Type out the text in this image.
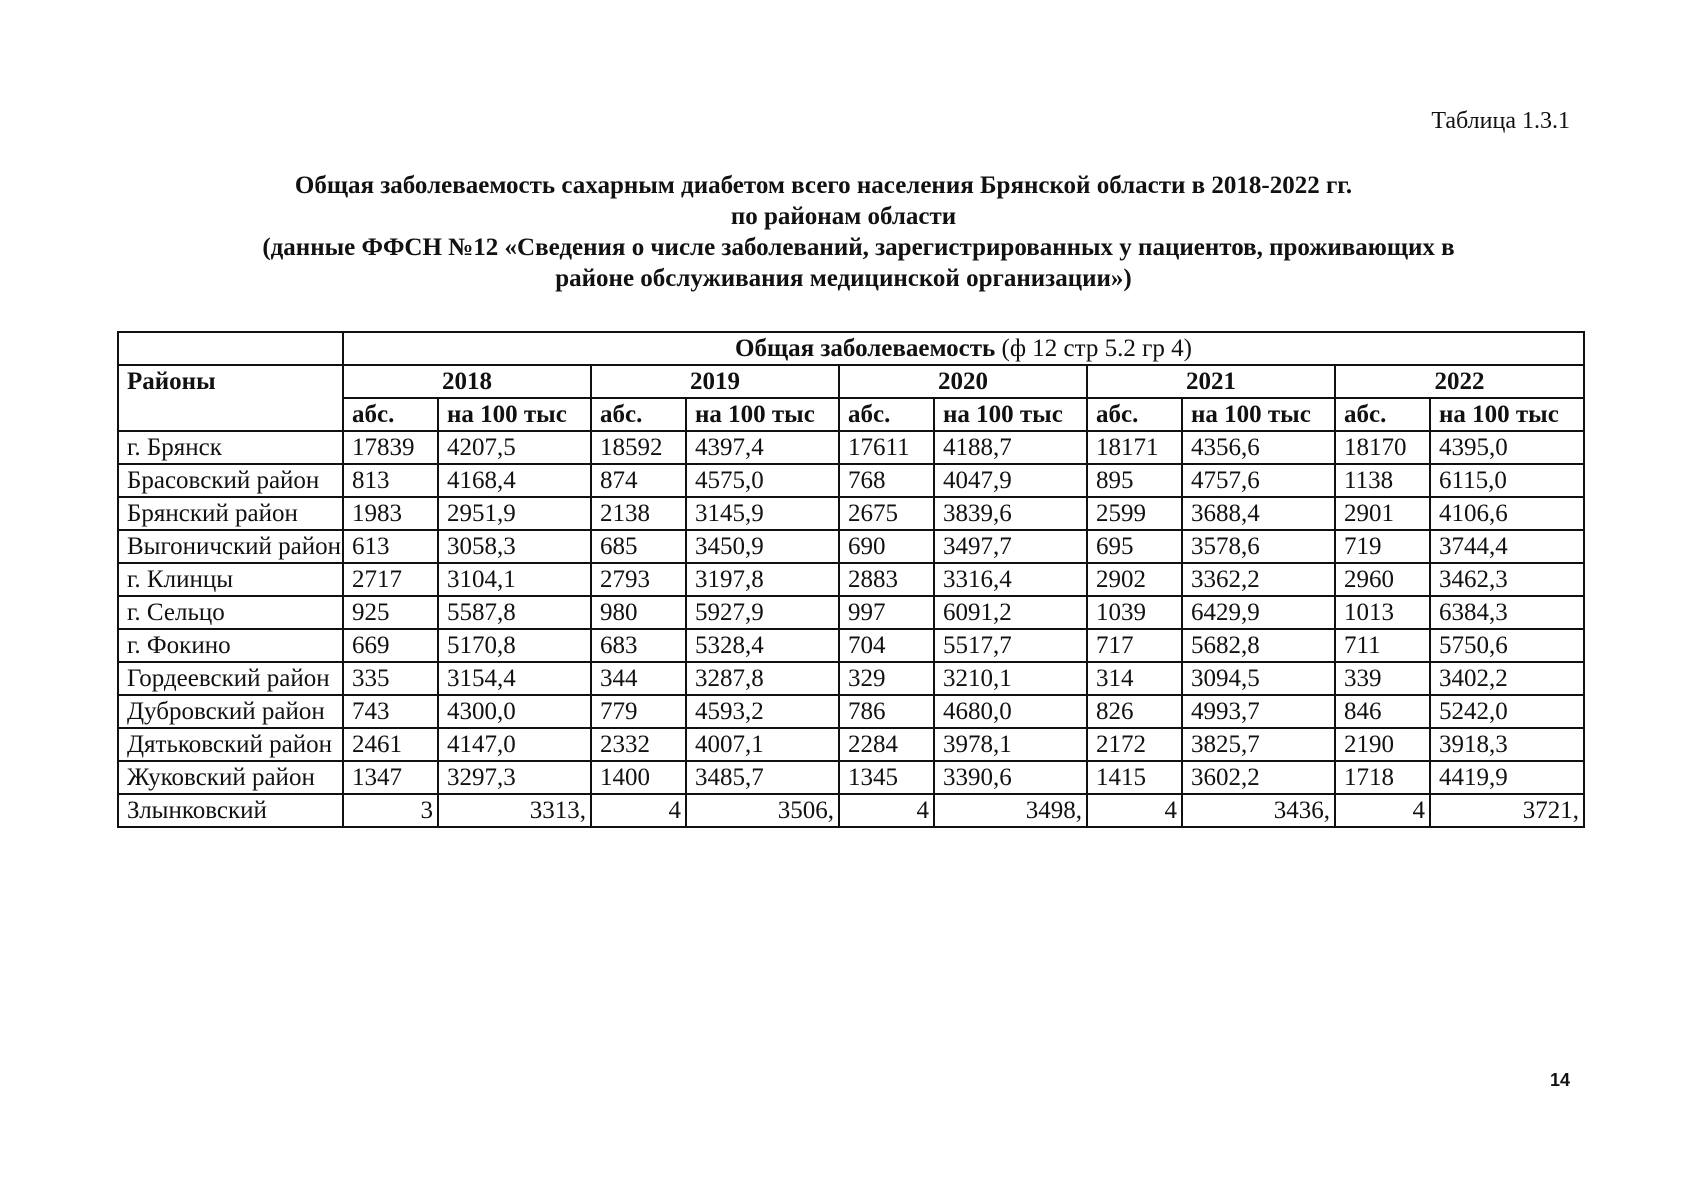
Таблица 1.3.1
Общая заболеваемость сахарным диабетом всего населения Брянской области в 2018-2022 гг.
по районам области
(данные ФФСН №12 «Сведения о числе заболеваний, зарегистрированных у пациентов, проживающих в
районе обслуживания медицинской организации»)
	Общая заболеваемость (ф 12 стр 5.2 гр 4)									
Районы	2018		2019		2020		2021		2022	
	абс.	на 100 тыс	абс.	на 100 тыс	абс.	на 100 тыс	абс.	на 100 тыс	абс.	на 100 тыс
г. Брянск	17839	4207,5	18592	4397,4	17611	4188,7	18171	4356,6	18170	4395,0
Брасовский район	813	4168,4	874	4575,0	768	4047,9	895	4757,6	1138	6115,0
Брянский район	1983	2951,9	2138	3145,9	2675	3839,6	2599	3688,4	2901	4106,6
Выгоничский район	613	3058,3	685	3450,9	690	3497,7	695	3578,6	719	3744,4
г. Клинцы	2717	3104,1	2793	3197,8	2883	3316,4	2902	3362,2	2960	3462,3
г. Сельцо	925	5587,8	980	5927,9	997	6091,2	1039	6429,9	1013	6384,3
г. Фокино	669	5170,8	683	5328,4	704	5517,7	717	5682,8	711	5750,6
Гордеевский район	335	3154,4	344	3287,8	329	3210,1	314	3094,5	339	3402,2
Дубровский район	743	4300,0	779	4593,2	786	4680,0	826	4993,7	846	5242,0
Дятьковский район	2461	4147,0	2332	4007,1	2284	3978,1	2172	3825,7	2190	3918,3
Жуковский район	1347	3297,3	1400	3485,7	1345	3390,6	1415	3602,2	1718	4419,9
Злынковский	3	3313,	4	3506,	4	3498,	4	3436,	4	3721,
14
